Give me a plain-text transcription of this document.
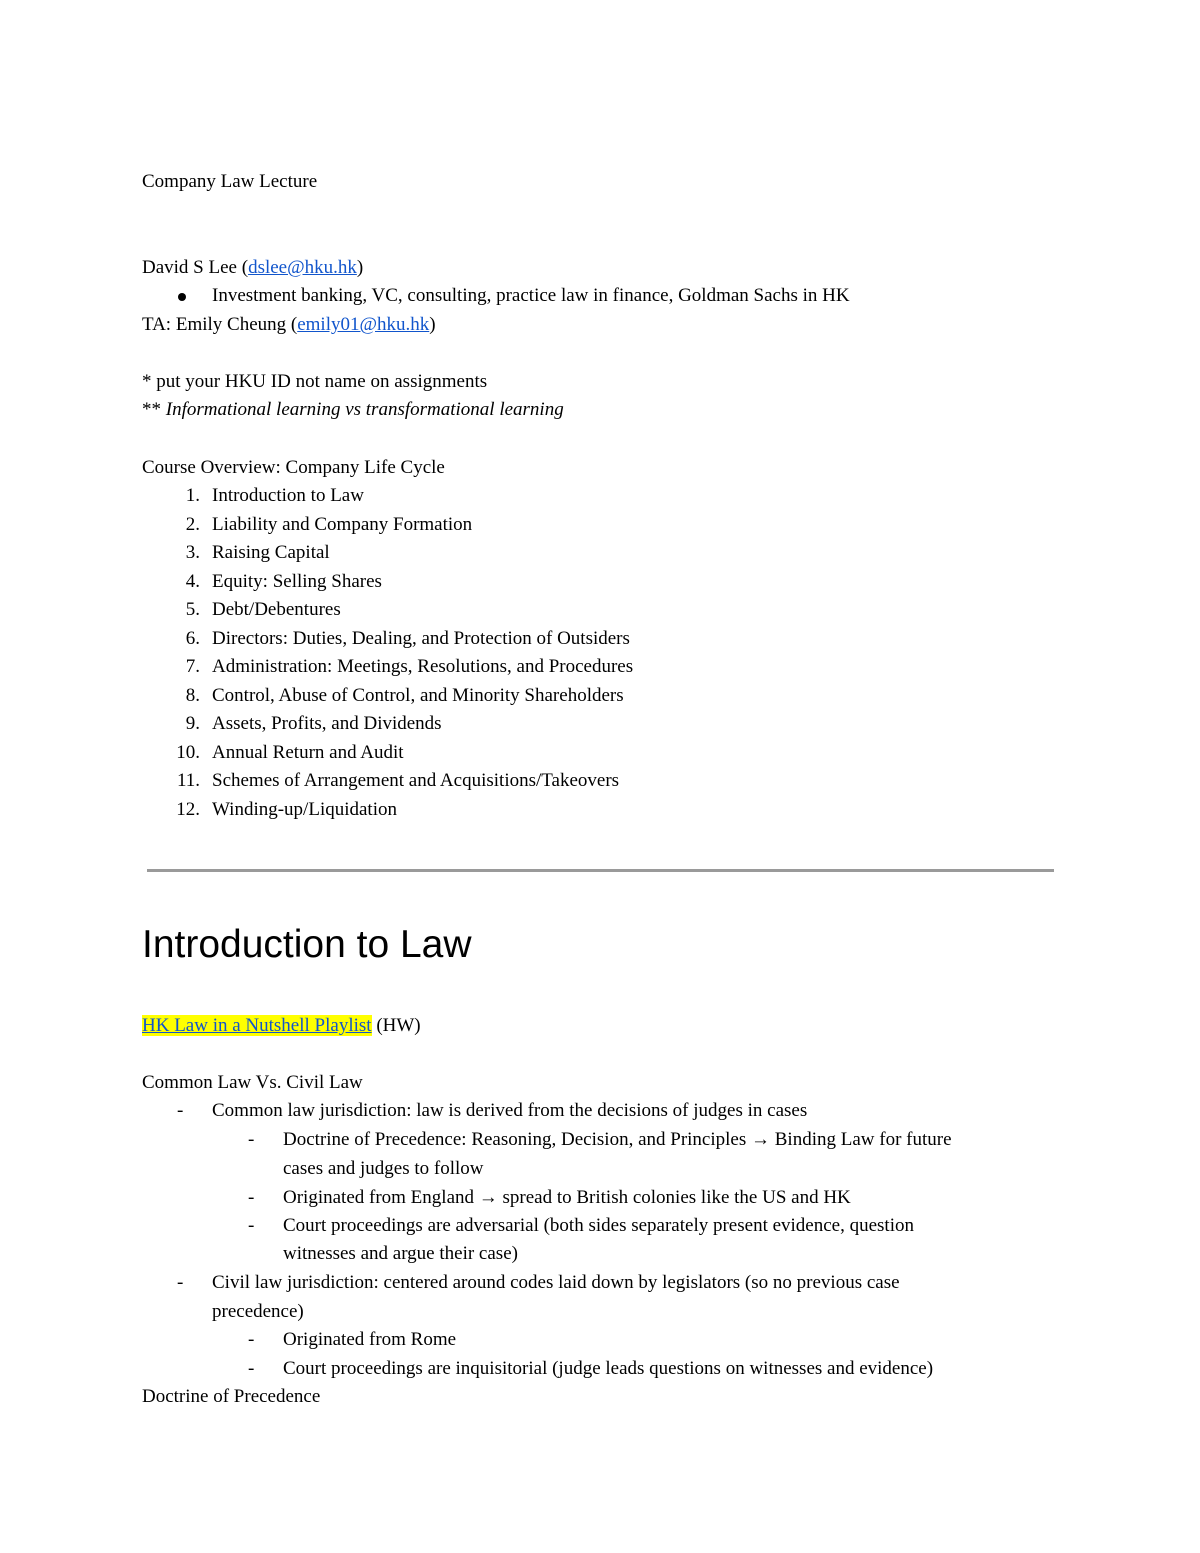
Company Law Lecture
David S Lee (dslee@hku.hk)
Investment banking, VC, consulting, practice law in finance, Goldman Sachs in HK
TA: Emily Cheung (emily01@hku.hk)
* put your HKU ID not name on assignments
** Informational learning vs transformational learning
Course Overview: Company Life Cycle
1. Introduction to Law
2. Liability and Company Formation
3. Raising Capital
4. Equity: Selling Shares
5. Debt/Debentures
6. Directors: Duties, Dealing, and Protection of Outsiders
7. Administration: Meetings, Resolutions, and Procedures
8. Control, Abuse of Control, and Minority Shareholders
9. Assets, Profits, and Dividends
10. Annual Return and Audit
11. Schemes of Arrangement and Acquisitions/Takeovers
12. Winding-up/Liquidation
Introduction to Law
HK Law in a Nutshell Playlist (HW)
Common Law Vs. Civil Law
- Common law jurisdiction: law is derived from the decisions of judges in cases
- Doctrine of Precedence: Reasoning, Decision, and Principles → Binding Law for future
cases and judges to follow
- Originated from England → spread to British colonies like the US and HK
- Court proceedings are adversarial (both sides separately present evidence, question
witnesses and argue their case)
- Civil law jurisdiction: centered around codes laid down by legislators (so no previous case
precedence)
- Originated from Rome
- Court proceedings are inquisitorial (judge leads questions on witnesses and evidence)
Doctrine of Precedence
